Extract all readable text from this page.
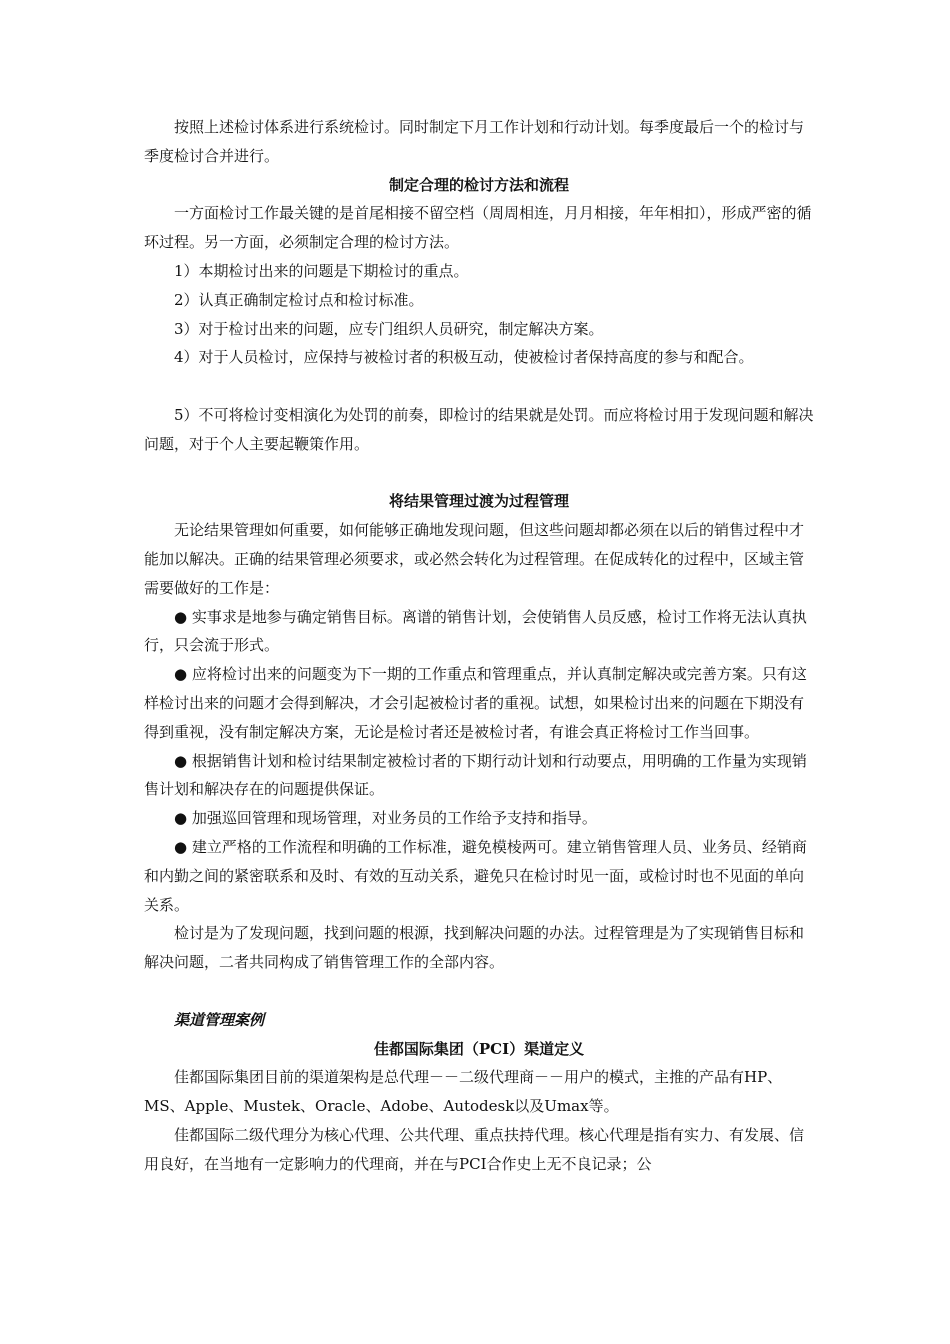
按照上述检讨体系进行系统检讨。同时制定下月工作计划和行动计划。每季度最后一个的检讨与季度检讨合并进行。

制定合理的检讨方法和流程

一方面检讨工作最关键的是首尾相接不留空档（周周相连，月月相接，年年相扣），形成严密的循环过程。另一方面，必须制定合理的检讨方法。

1）本期检讨出来的问题是下期检讨的重点。

2）认真正确制定检讨点和检讨标准。

3）对于检讨出来的问题，应专门组织人员研究，制定解决方案。

4）对于人员检讨，应保持与被检讨者的积极互动，使被检讨者保持高度的参与和配合。

5）不可将检讨变相演化为处罚的前奏，即检讨的结果就是处罚。而应将检讨用于发现问题和解决问题，对于个人主要起鞭策作用。

将结果管理过渡为过程管理

无论结果管理如何重要，如何能够正确地发现问题，但这些问题却都必须在以后的销售过程中才能加以解决。正确的结果管理必须要求，或必然会转化为过程管理。在促成转化的过程中，区域主管需要做好的工作是：

● 实事求是地参与确定销售目标。离谱的销售计划，会使销售人员反感，检讨工作将无法认真执行，只会流于形式。

● 应将检讨出来的问题变为下一期的工作重点和管理重点，并认真制定解决或完善方案。只有这样检讨出来的问题才会得到解决，才会引起被检讨者的重视。试想，如果检讨出来的问题在下期没有得到重视，没有制定解决方案，无论是检讨者还是被检讨者，有谁会真正将检讨工作当回事。

● 根据销售计划和检讨结果制定被检讨者的下期行动计划和行动要点，用明确的工作量为实现销售计划和解决存在的问题提供保证。

● 加强巡回管理和现场管理，对业务员的工作给予支持和指导。

● 建立严格的工作流程和明确的工作标准，避免模棱两可。建立销售管理人员、业务员、经销商和内勤之间的紧密联系和及时、有效的互动关系，避免只在检讨时见一面，或检讨时也不见面的单向关系。

检讨是为了发现问题，找到问题的根源，找到解决问题的办法。过程管理是为了实现销售目标和解决问题，二者共同构成了销售管理工作的全部内容。

渠道管理案例

佳都国际集团（PCI）渠道定义

佳都国际集团目前的渠道架构是总代理－－二级代理商－－用户的模式，主推的产品有HP、MS、Apple、Mustek、Oracle、Adobe、Autodesk以及Umax等。

佳都国际二级代理分为核心代理、公共代理、重点扶持代理。核心代理是指有实力、有发展、信用良好，在当地有一定影响力的代理商，并在与PCI合作史上无不良记录；公
